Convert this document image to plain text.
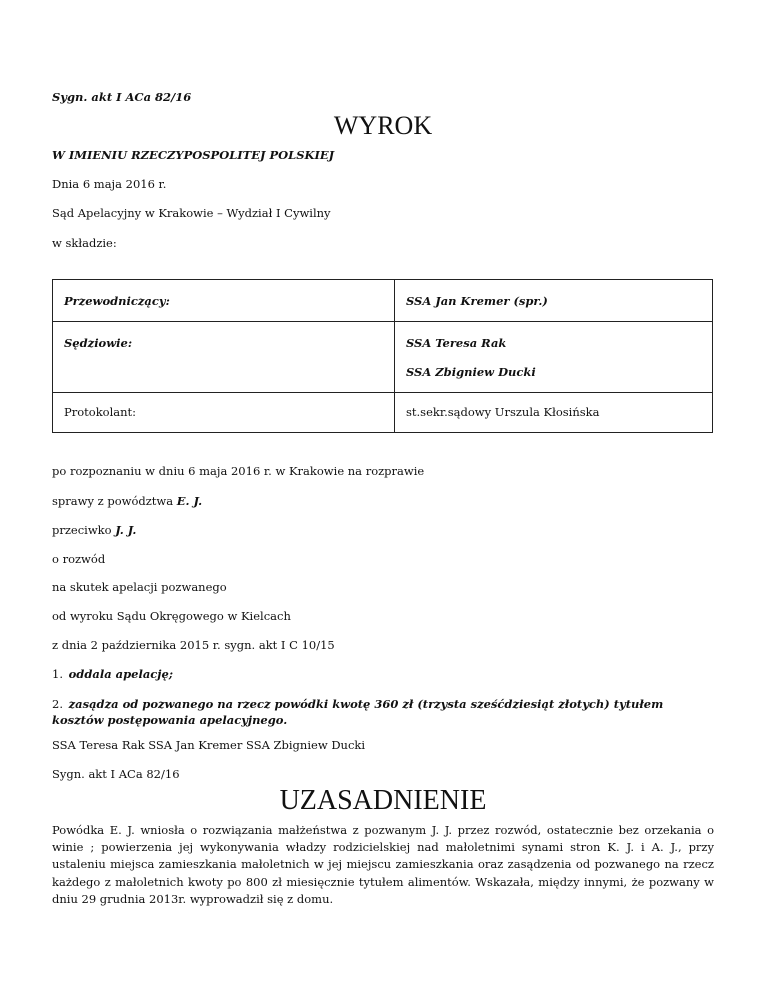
Sygn. akt I ACa 82/16
WYROK
W IMIENIU RZECZYPOSPOLITEJ POLSKIEJ
Dnia 6 maja 2016 r.
Sąd Apelacyjny w Krakowie – Wydział I Cywilny
w składzie:
Przewodniczący:	SSA Jan Kremer (spr.)

Sędziowie:	SSA Teresa Rak
SSA Zbigniew Ducki

Protokolant:	st.sekr.sądowy Urszula Kłosińska
po rozpoznaniu w dniu 6 maja 2016 r. w Krakowie na rozprawie
sprawy z powództwa E. J.
przeciwko J. J.
o rozwód
na skutek apelacji pozwanego
od wyroku Sądu Okręgowego w Kielcach
z dnia 2 października 2015 r. sygn. akt I C 10/15
1. oddala apelację;
2. zasądza od pozwanego na rzecz powódki kwotę 360 zł (trzysta sześćdziesiąt złotych) tytułem
kosztów postępowania apelacyjnego.
SSA Teresa Rak SSA Jan Kremer SSA Zbigniew Ducki
Sygn. akt I ACa 82/16
UZASADNIENIE
Powódka E. J. wniosła o rozwiązania małżeństwa z pozwanym J. J. przez rozwód, ostatecznie bez orzekania o winie ; powierzenia jej wykonywania władzy rodzicielskiej nad małoletnimi synami stron K. J. i A. J., przy ustaleniu miejsca zamieszkania małoletnich w jej miejscu zamieszkania oraz zasądzenia od pozwanego na rzecz każdego z małoletnich kwoty po 800 zł miesięcznie tytułem alimentów. Wskazała, między innymi, że pozwany w dniu 29 grudnia 2013r. wyprowadził się z domu.
